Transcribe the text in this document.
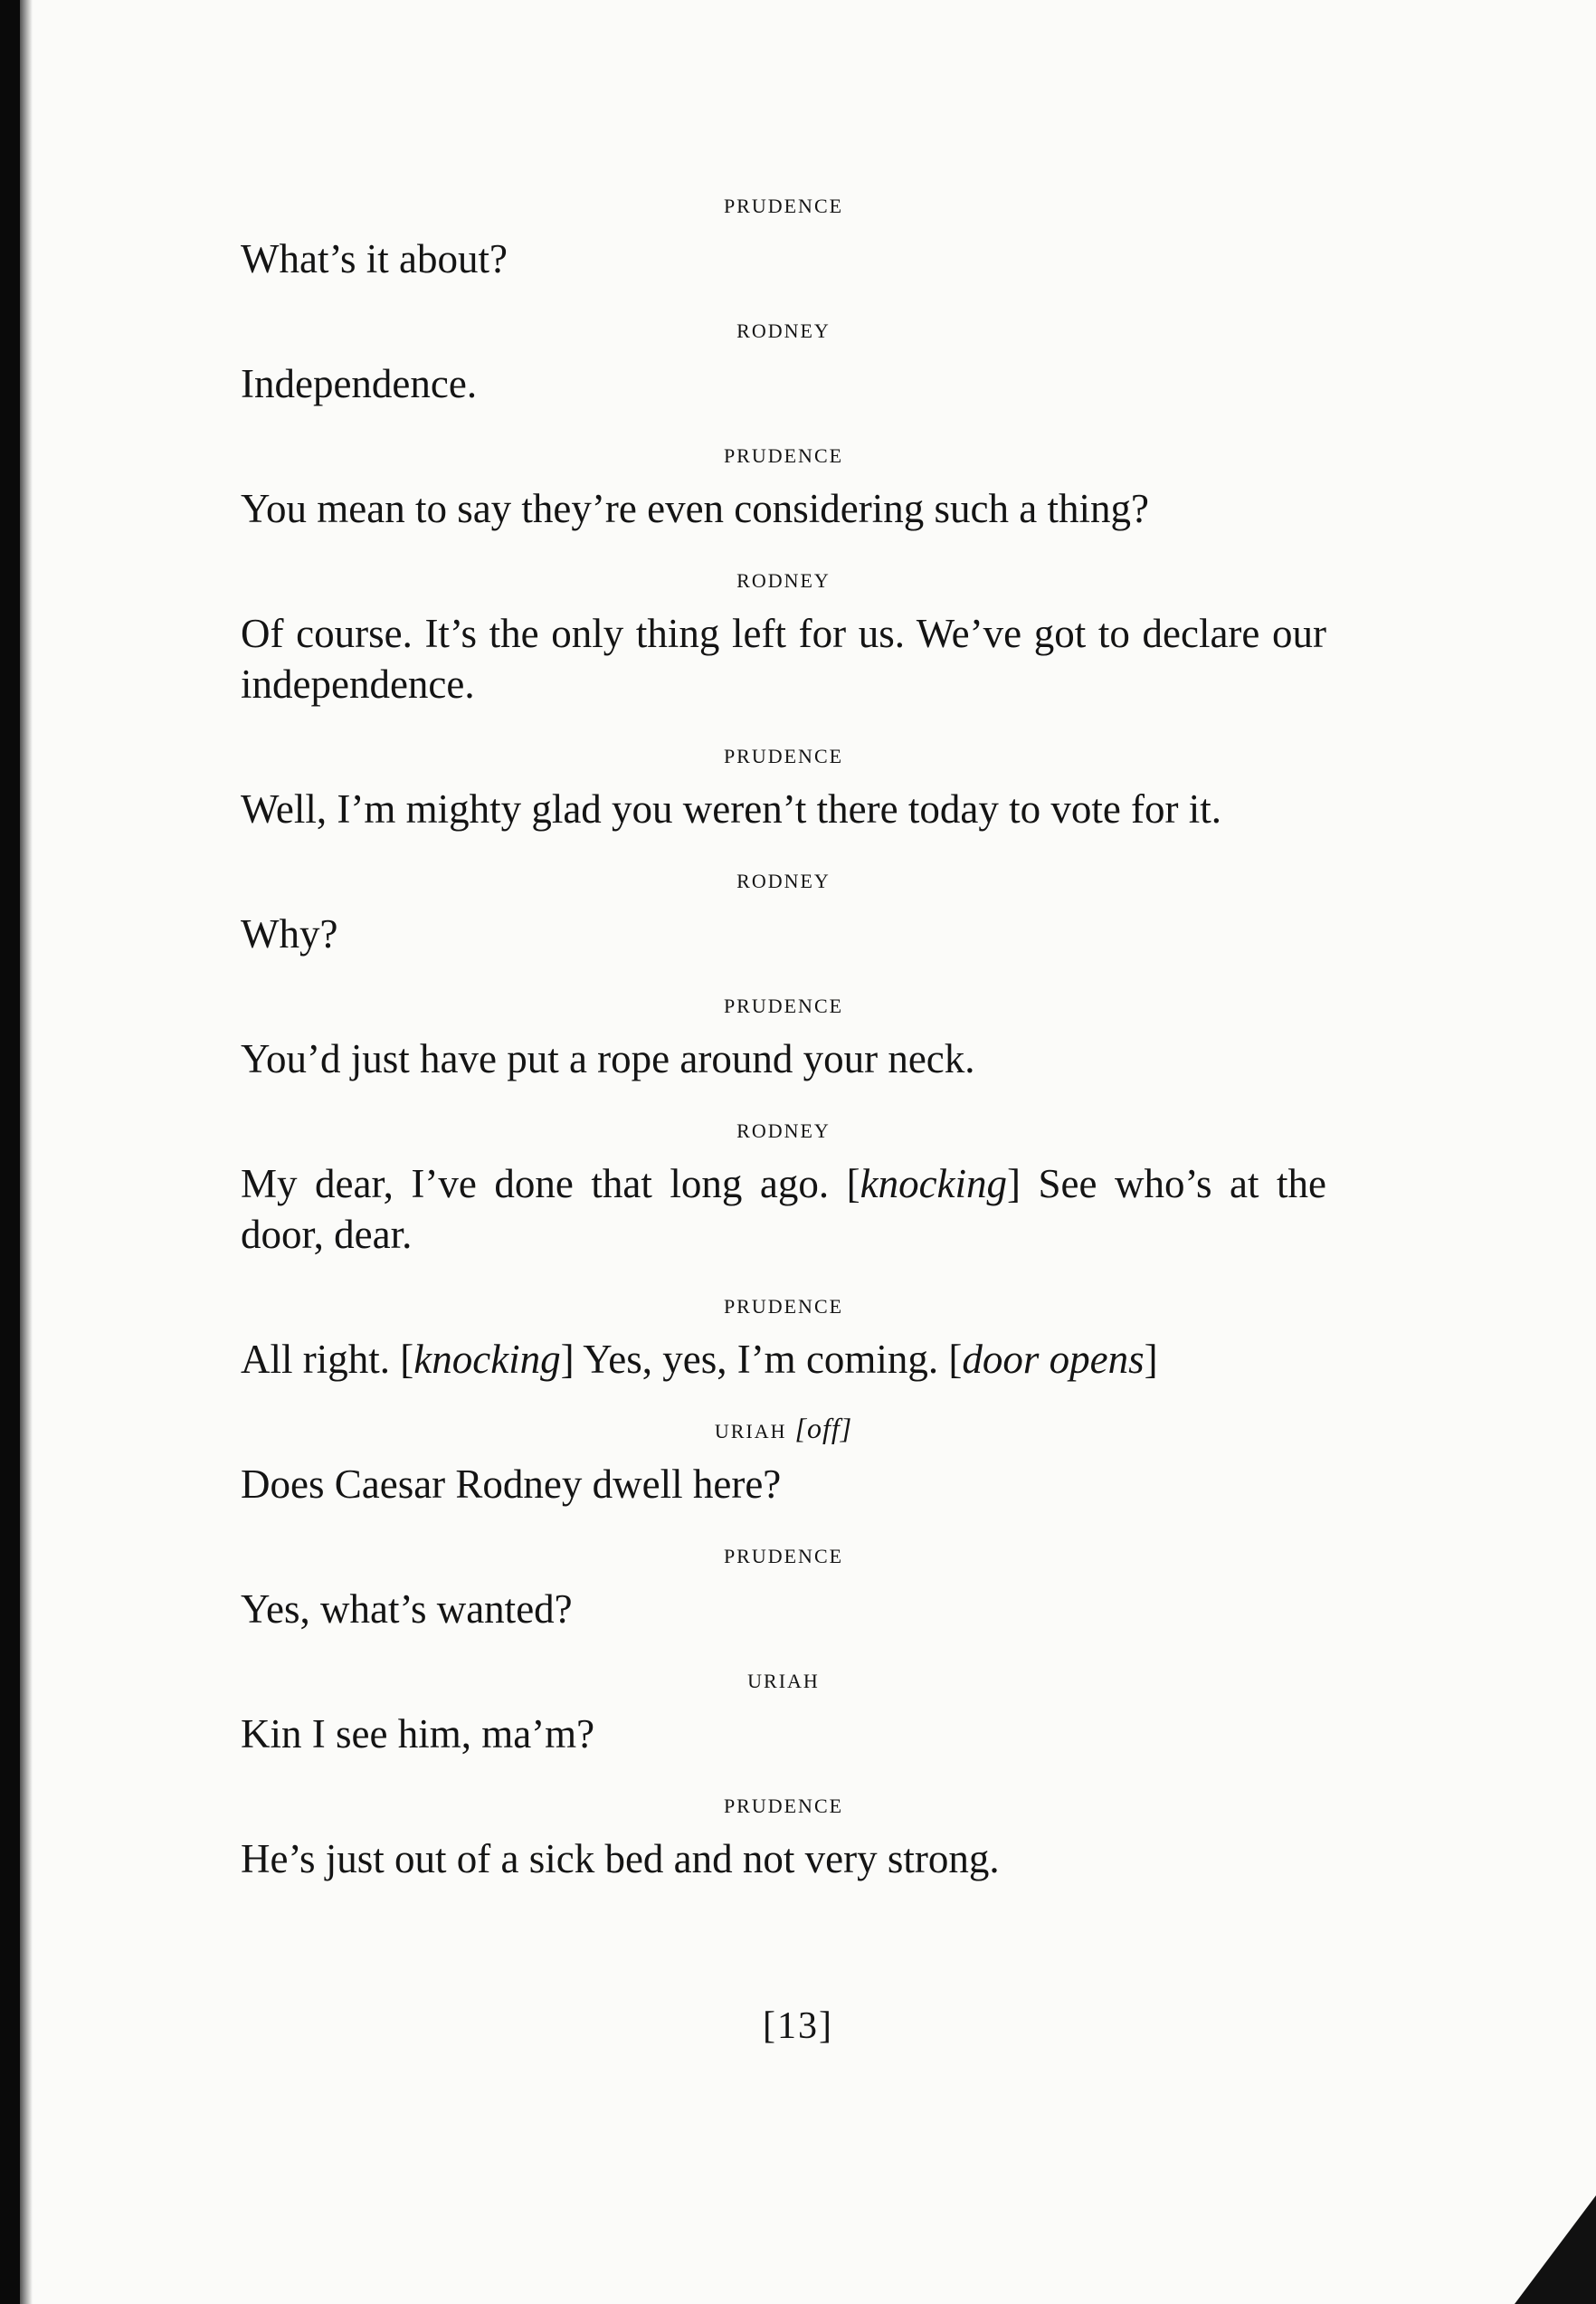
prudence
What’s it about?
rodney
Independence.
prudence
You mean to say they’re even considering such a thing?
rodney
Of course. It’s the only thing left for us. We’ve got to declare our independence.
prudence
Well, I’m mighty glad you weren’t there today to vote for it.
rodney
Why?
prudence
You’d just have put a rope around your neck.
rodney
My dear, I’ve done that long ago. [knocking] See who’s at the door, dear.
prudence
All right. [knocking] Yes, yes, I’m coming. [door opens]
uriah [off]
Does Caesar Rodney dwell here?
prudence
Yes, what’s wanted?
uriah
Kin I see him, ma’m?
prudence
He’s just out of a sick bed and not very strong.
[13]
